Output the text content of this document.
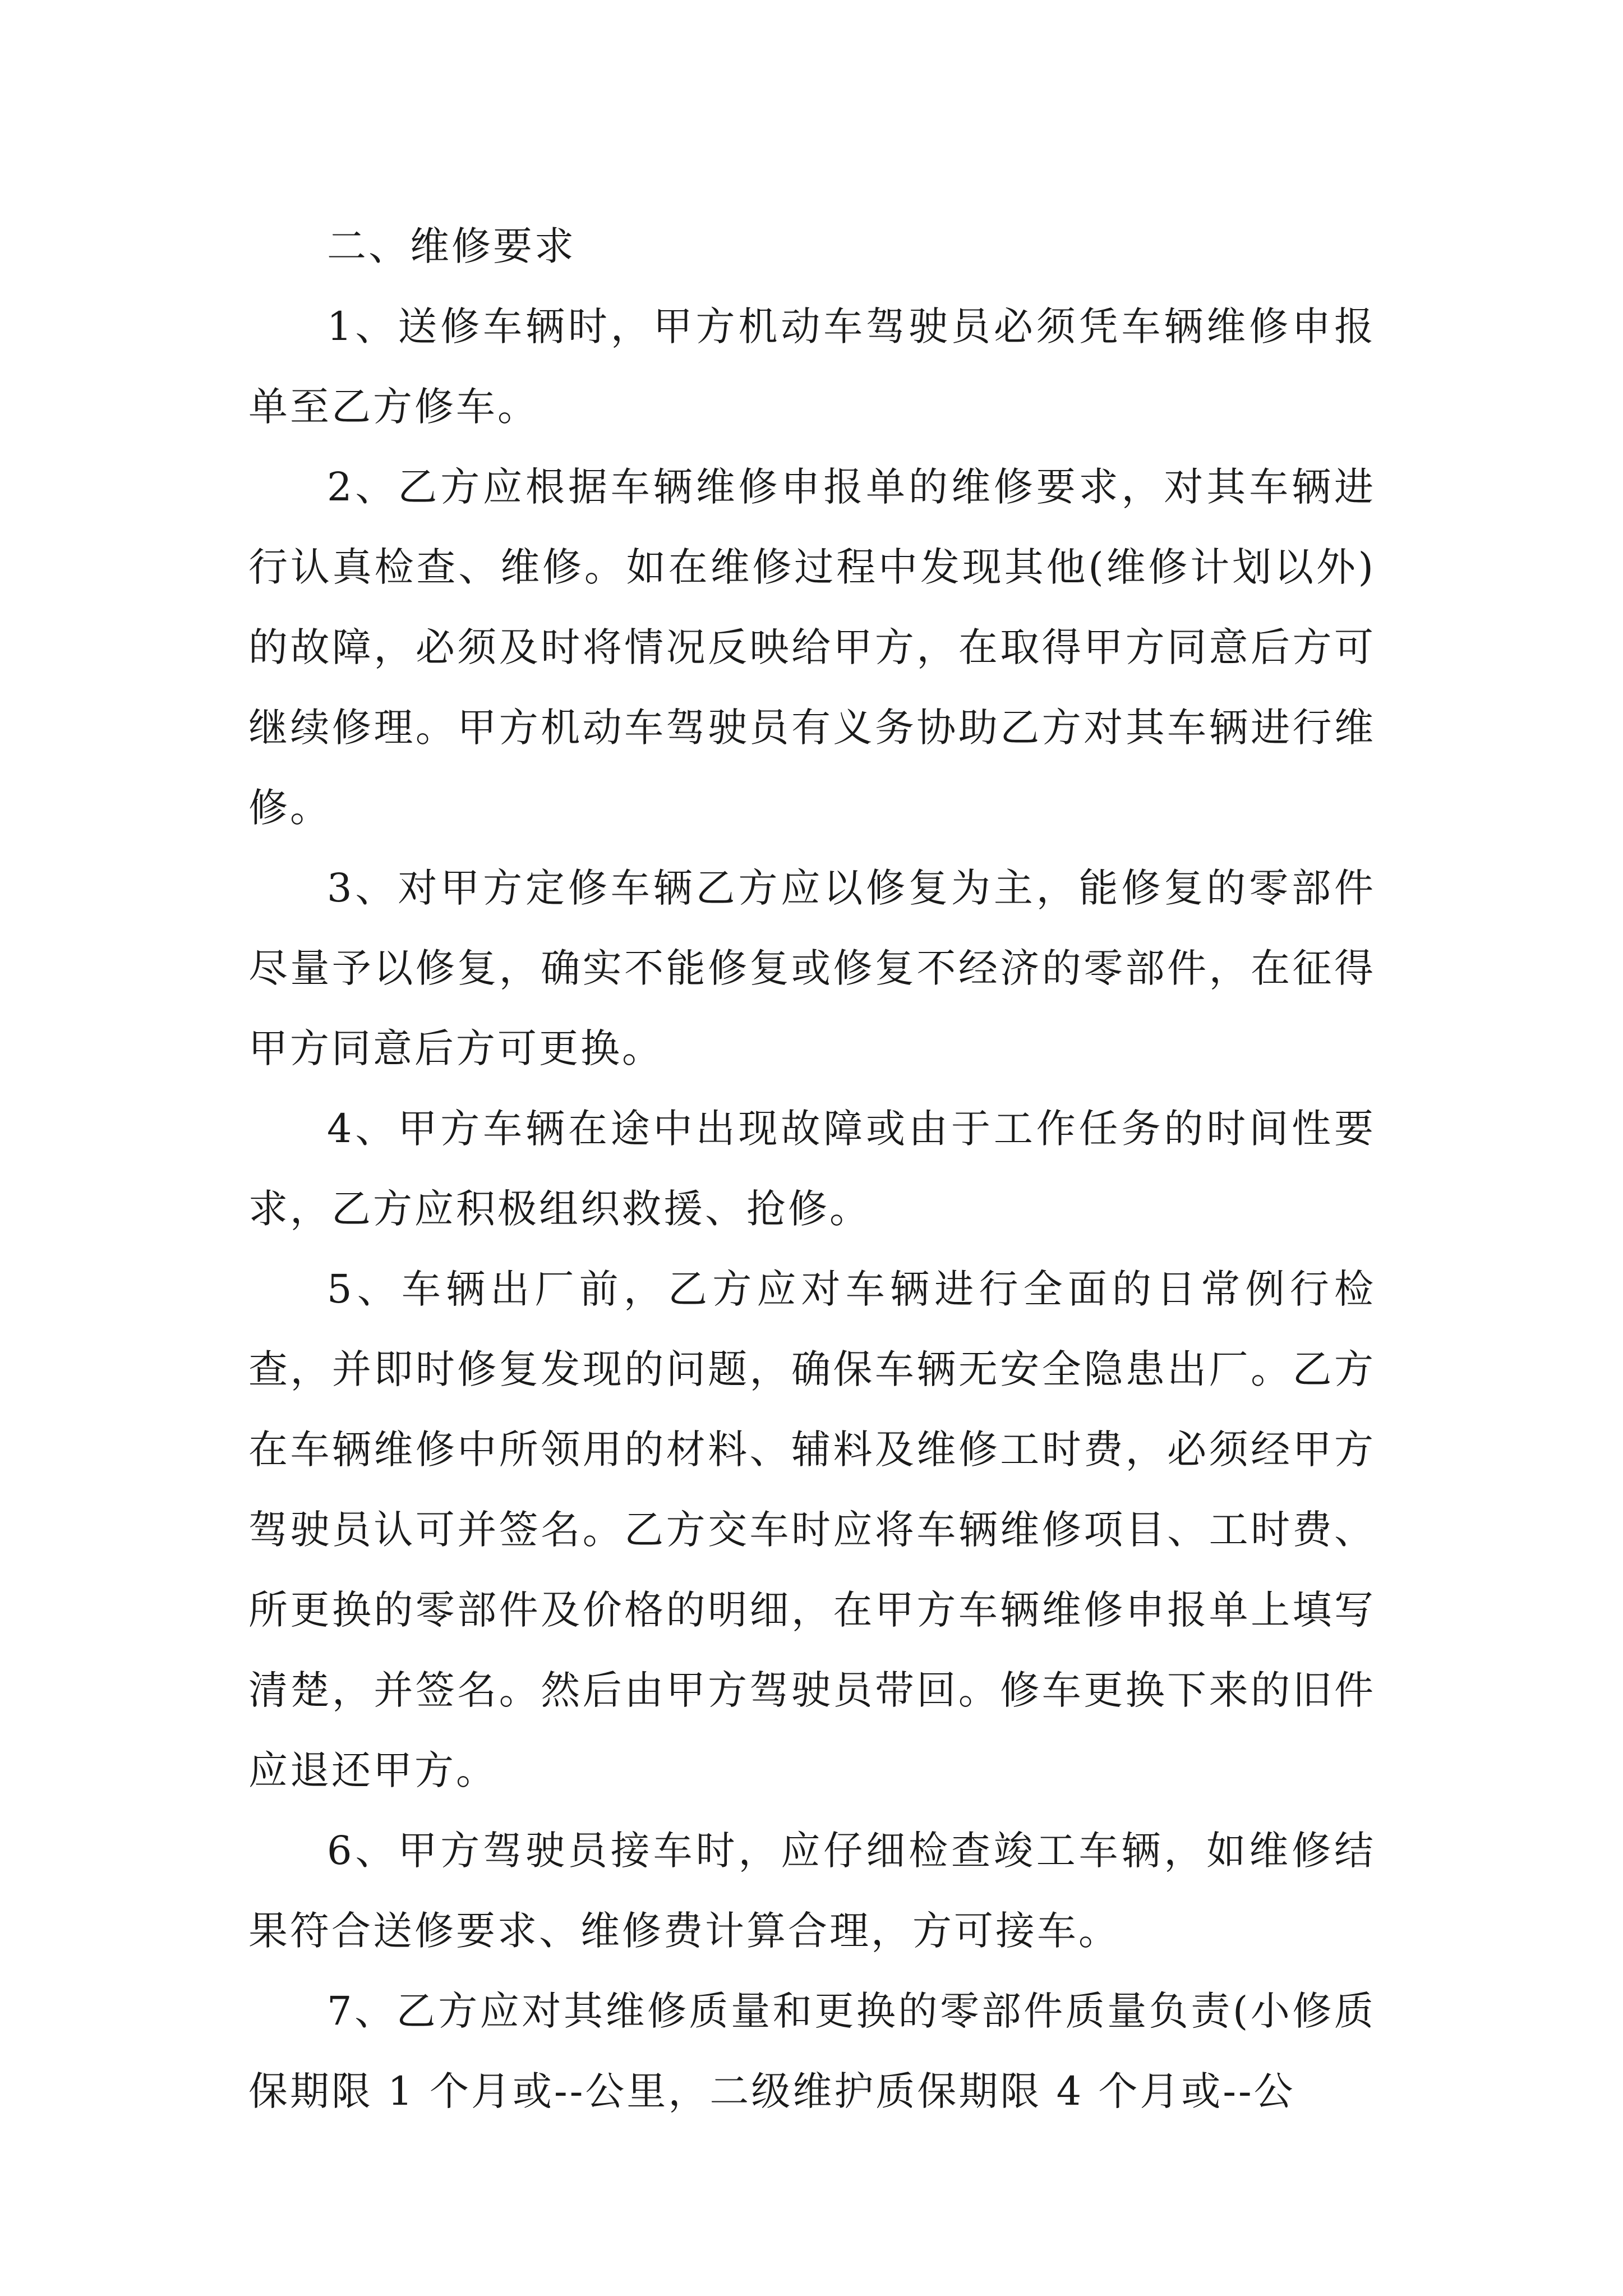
二、维修要求

1、送修车辆时，甲方机动车驾驶员必须凭车辆维修申报单至乙方修车。

2、乙方应根据车辆维修申报单的维修要求，对其车辆进行认真检查、维修。如在维修过程中发现其他(维修计划以外)的故障，必须及时将情况反映给甲方，在取得甲方同意后方可继续修理。甲方机动车驾驶员有义务协助乙方对其车辆进行维修。

3、对甲方定修车辆乙方应以修复为主，能修复的零部件尽量予以修复，确实不能修复或修复不经济的零部件，在征得甲方同意后方可更换。

4、甲方车辆在途中出现故障或由于工作任务的时间性要求，乙方应积极组织救援、抢修。

5、车辆出厂前，乙方应对车辆进行全面的日常例行检查，并即时修复发现的问题，确保车辆无安全隐患出厂。乙方在车辆维修中所领用的材料、辅料及维修工时费，必须经甲方驾驶员认可并签名。乙方交车时应将车辆维修项目、工时费、所更换的零部件及价格的明细，在甲方车辆维修申报单上填写清楚，并签名。然后由甲方驾驶员带回。修车更换下来的旧件应退还甲方。

6、甲方驾驶员接车时，应仔细检查竣工车辆，如维修结果符合送修要求、维修费计算合理，方可接车。

7、乙方应对其维修质量和更换的零部件质量负责(小修质保期限 1 个月或--公里，二级维护质保期限 4 个月或--公
